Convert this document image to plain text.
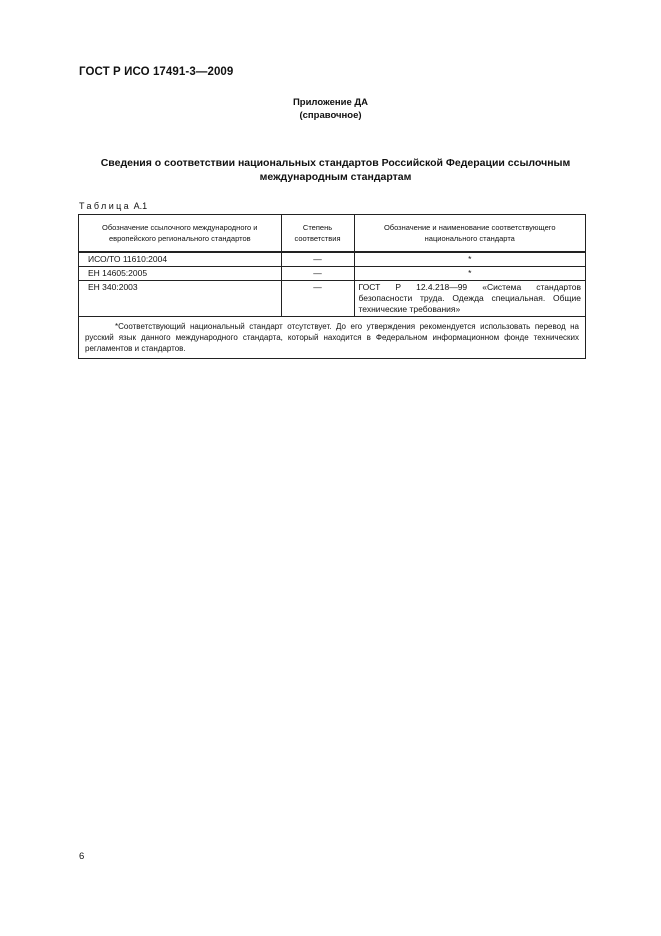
ГОСТ Р ИСО 17491-3—2009
Приложение ДА
(справочное)
Сведения о соответствии национальных стандартов Российской Федерации ссылочным международным стандартам
Таблица А.1
Обозначение ссылочного международного и европейского регионального стандартов	Степень соответствия	Обозначение и наименование соответствующего национального стандарта
ИСО/ТО 11610:2004	—	*
ЕН 14605:2005	—	*
ЕН 340:2003	—	ГОСТ Р 12.4.218—99 «Система стандартов безопасности труда. Одежда специальная. Общие технические требования»
*Соответствующий национальный стандарт отсутствует. До его утверждения рекомендуется использовать перевод на русский язык данного международного стандарта, который находится в Федеральном информационном фонде технических регламентов и стандартов.		
6
